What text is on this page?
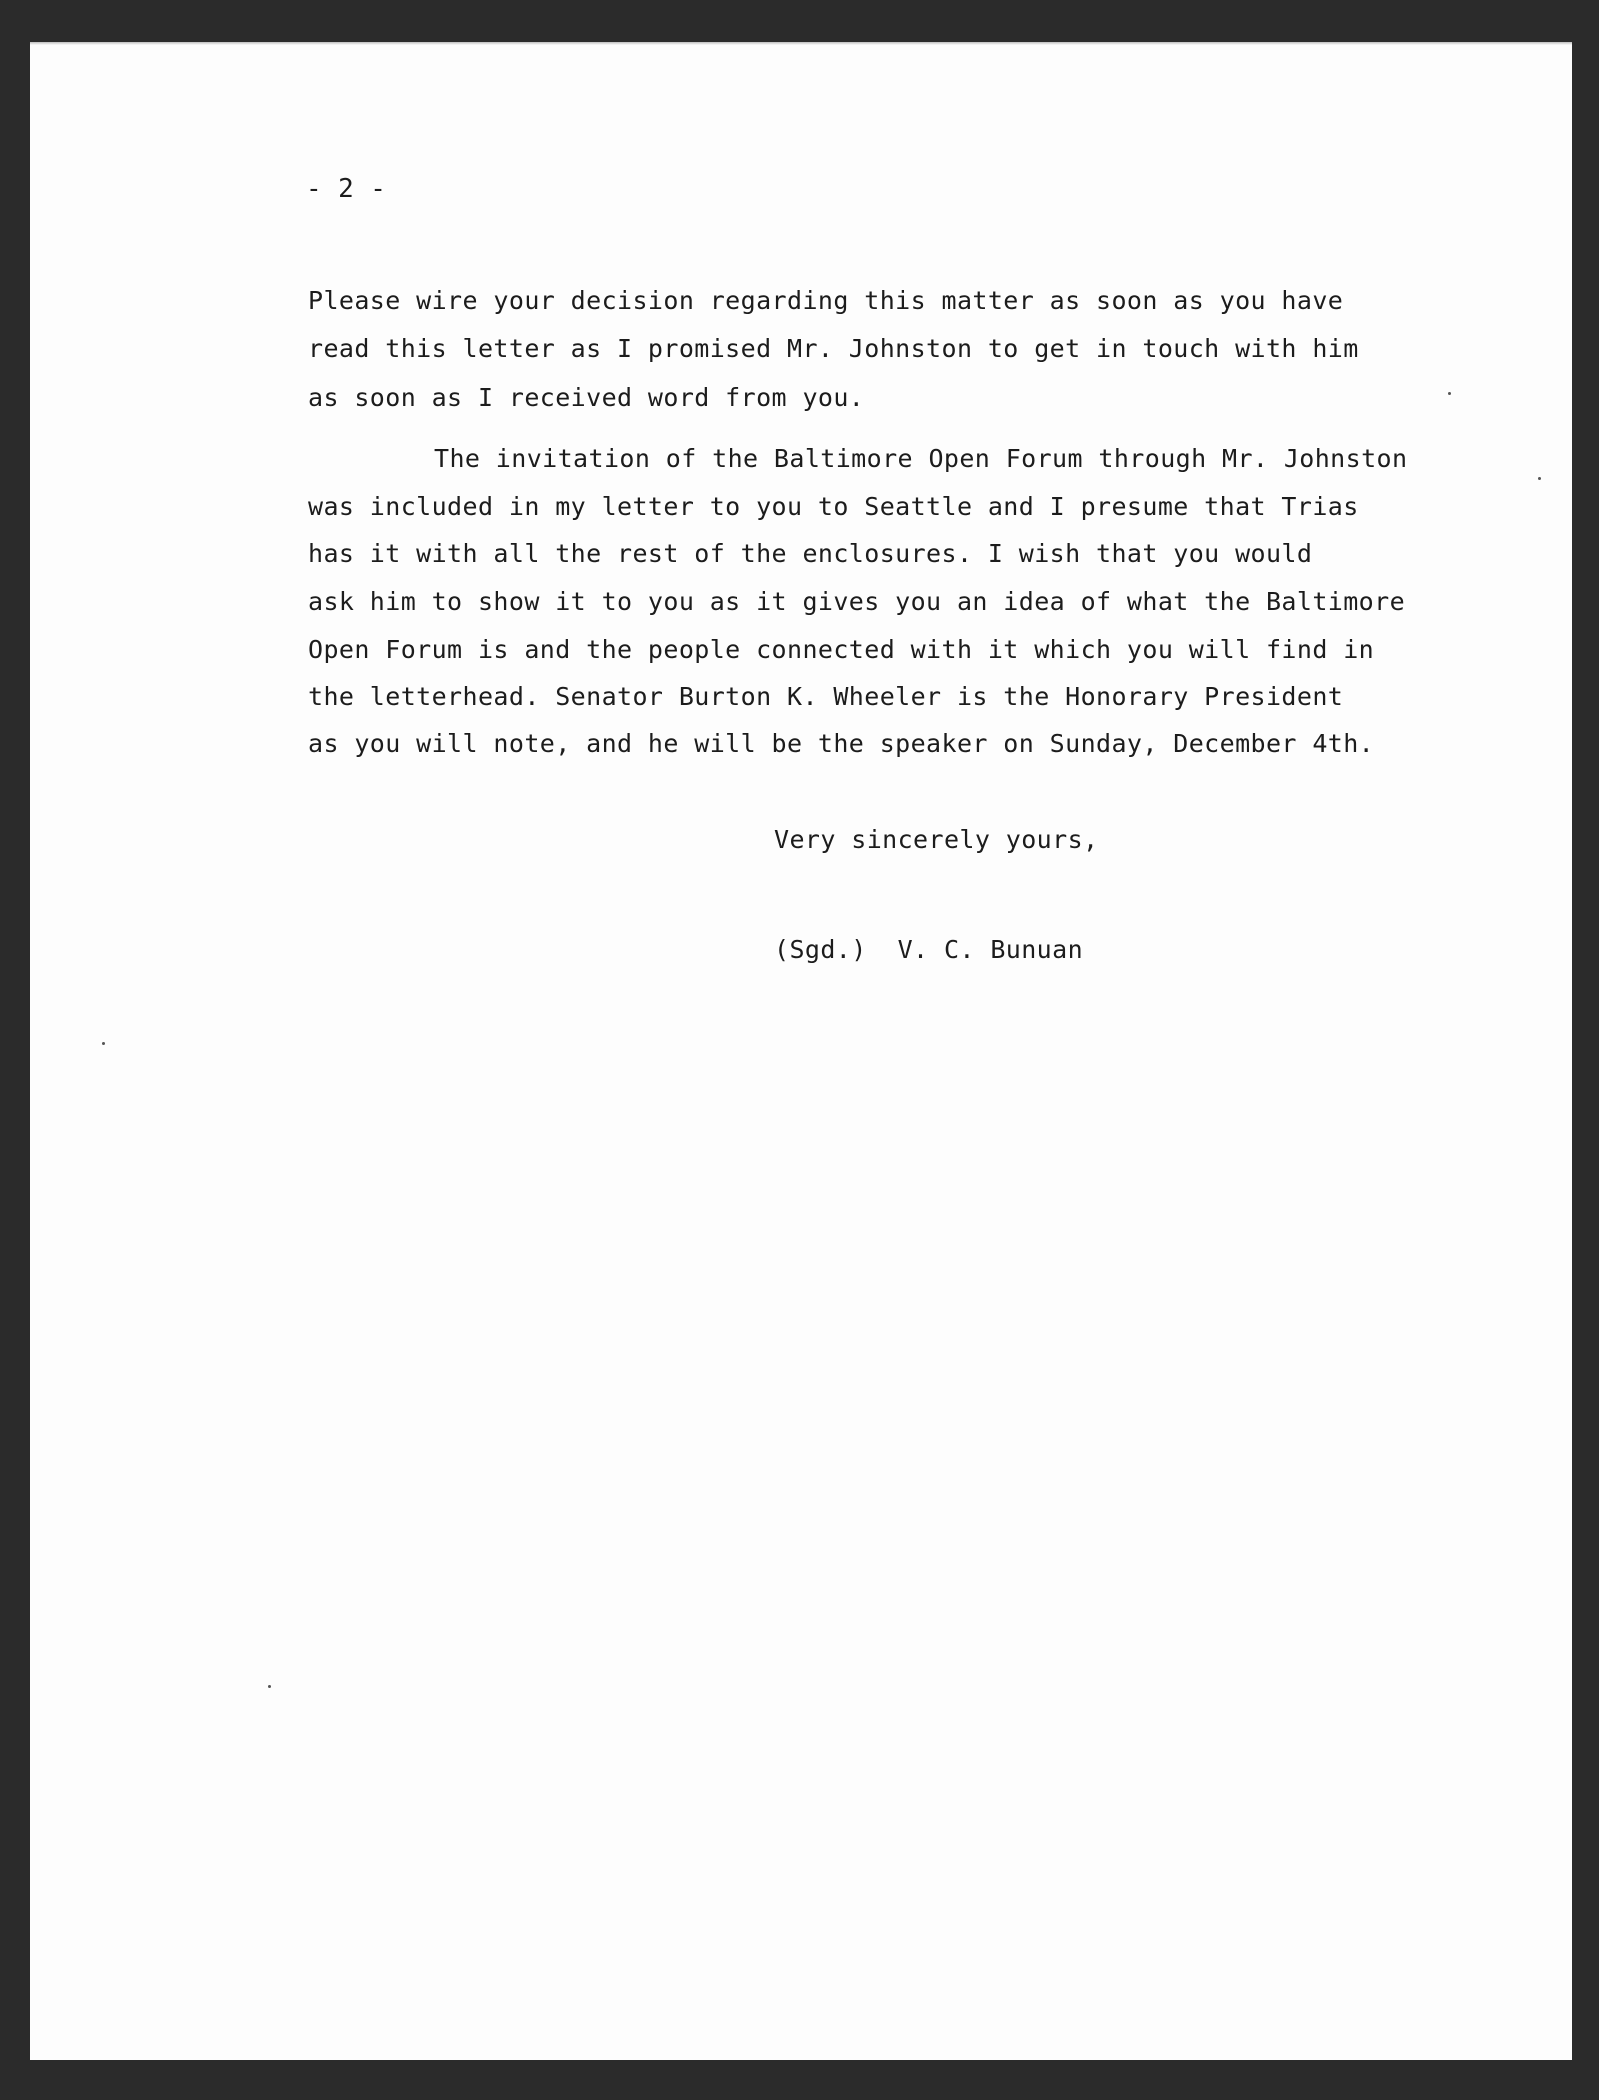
- 2 -
Please wire your decision regarding this matter as soon as you have
read this letter as I promised Mr. Johnston to get in touch with him
as soon as I received word from you.
The invitation of the Baltimore Open Forum through Mr. Johnston
was included in my letter to you to Seattle and I presume that Trias
has it with all the rest of the enclosures. I wish that you would
ask him to show it to you as it gives you an idea of what the Baltimore
Open Forum is and the people connected with it which you will find in
the letterhead. Senator Burton K. Wheeler is the Honorary President
as you will note, and he will be the speaker on Sunday, December 4th.
Very sincerely yours,
(Sgd.)  V. C. Bunuan
